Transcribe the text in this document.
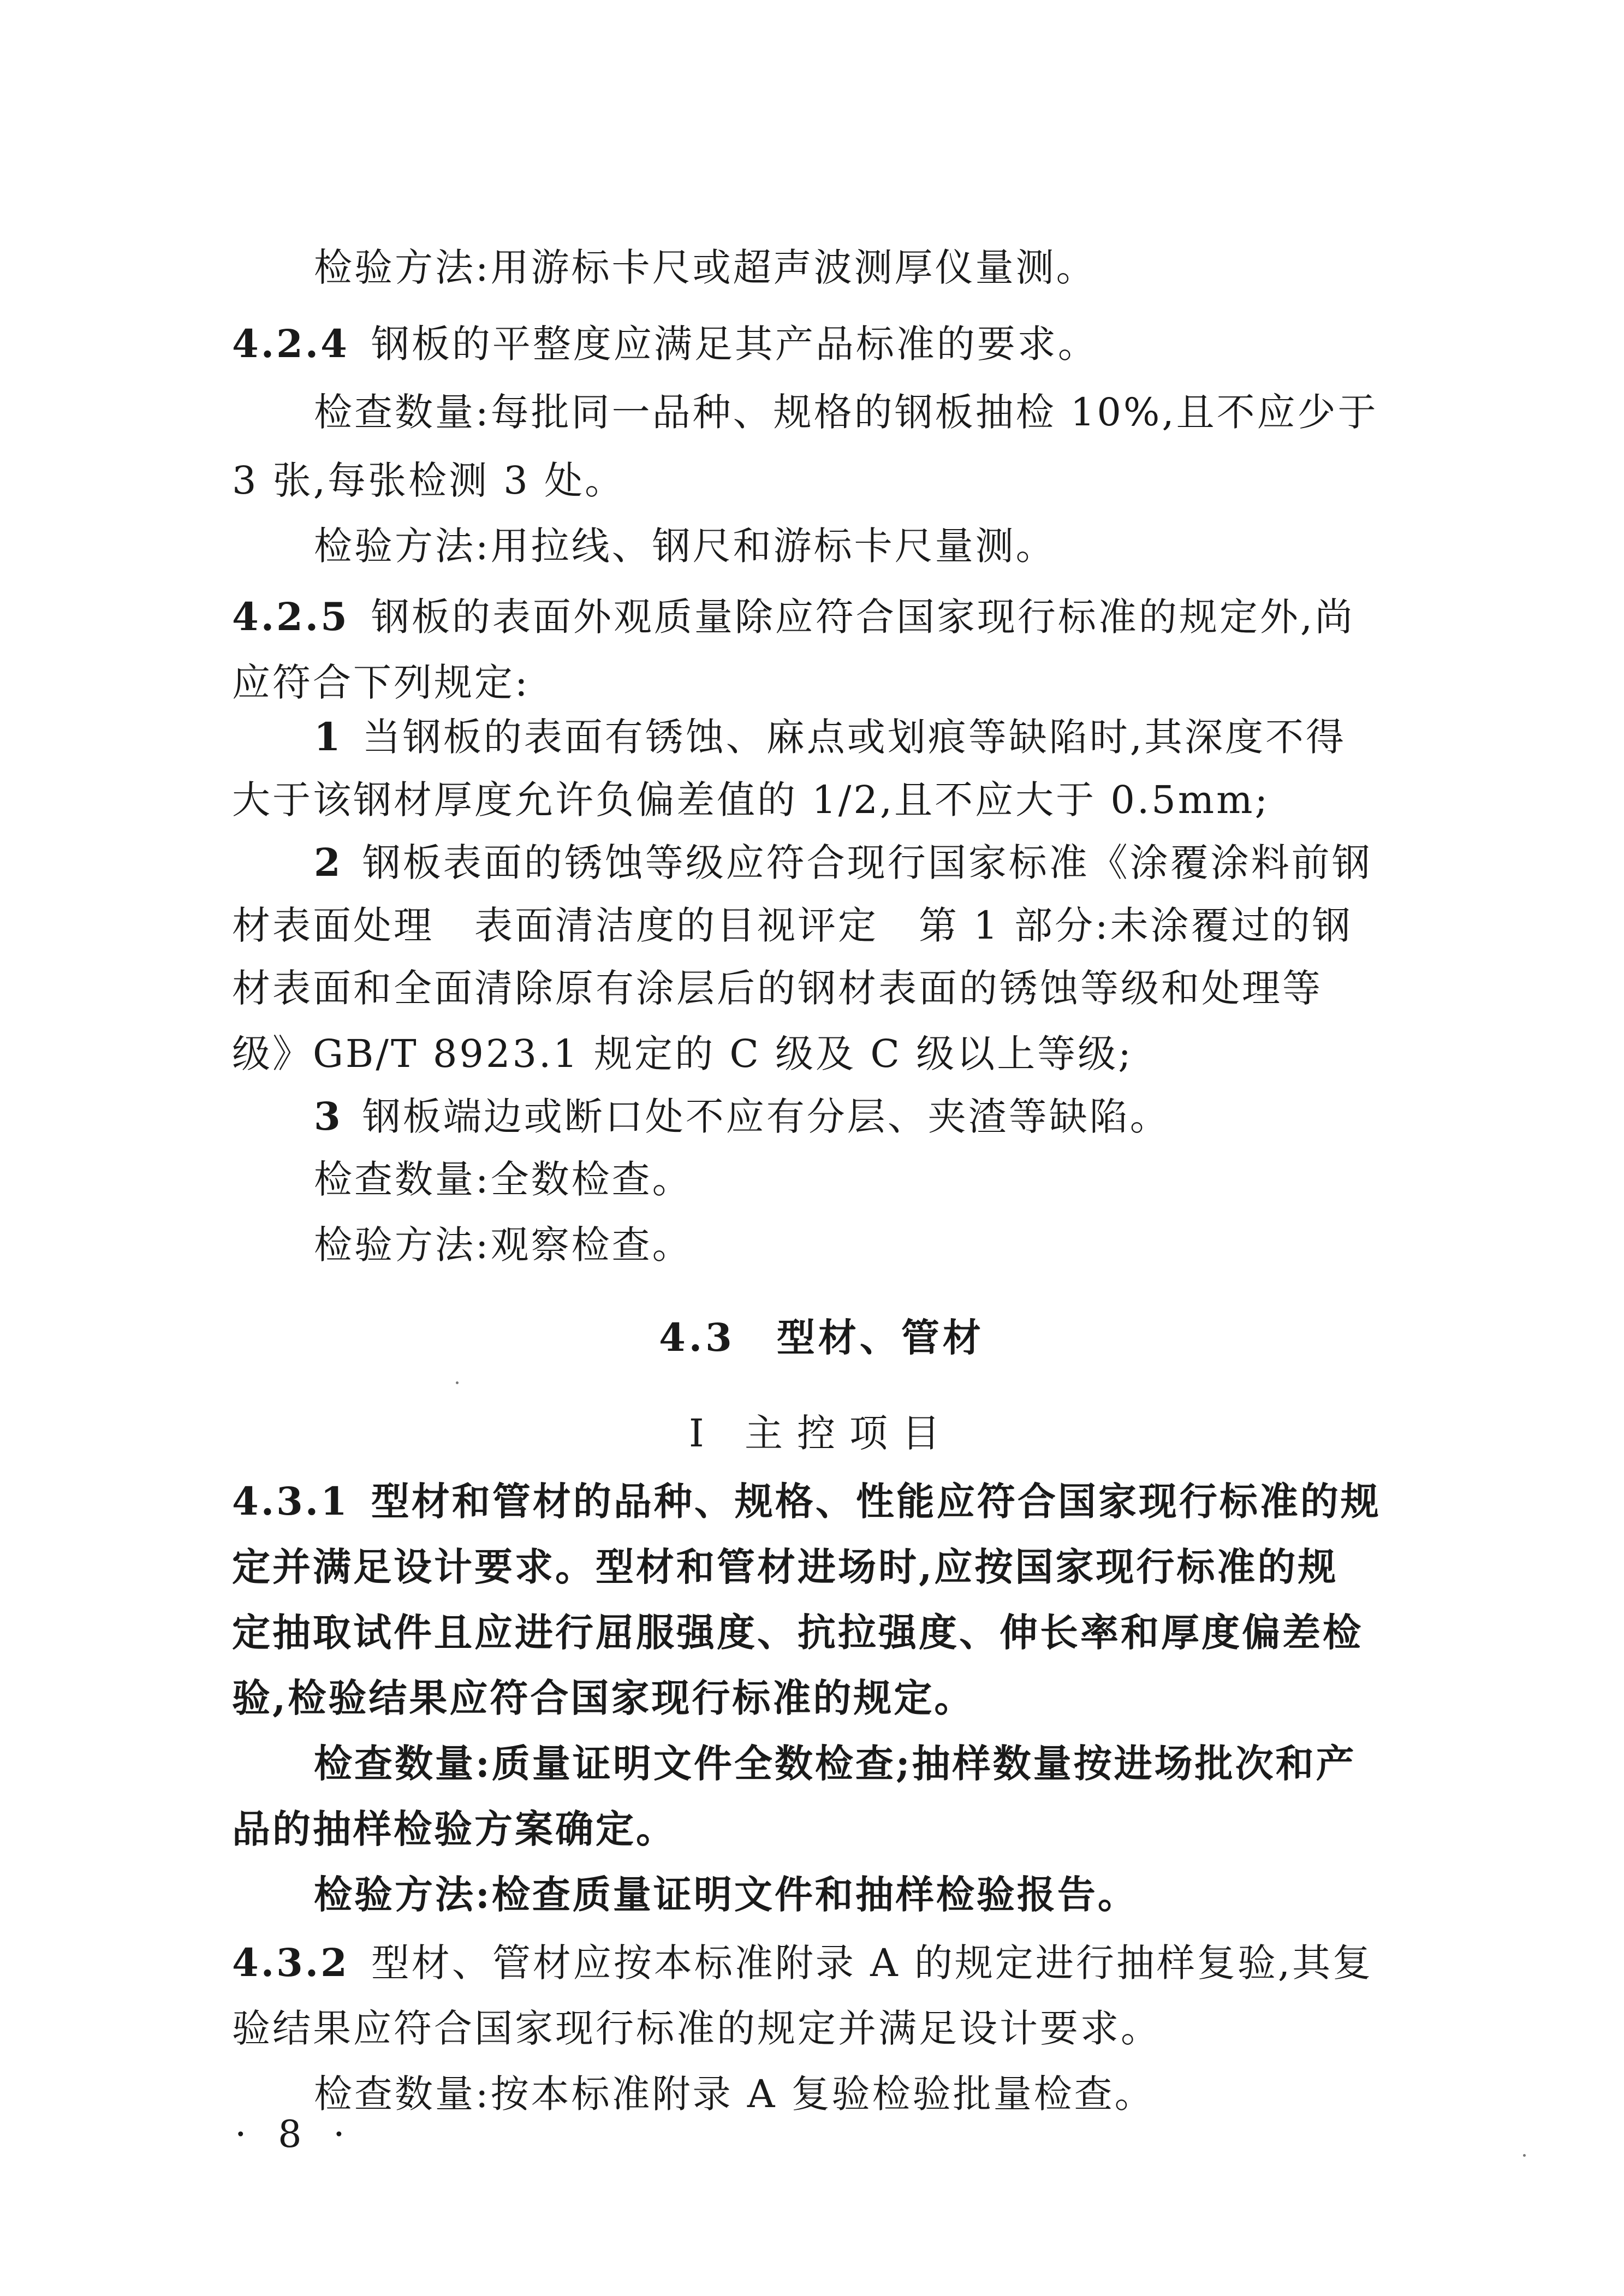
检验方法:用游标卡尺或超声波测厚仪量测。
4.2.4 钢板的平整度应满足其产品标准的要求。
检查数量:每批同一品种、规格的钢板抽检 10%,且不应少于
3 张,每张检测 3 处。
检验方法:用拉线、钢尺和游标卡尺量测。
4.2.5 钢板的表面外观质量除应符合国家现行标准的规定外,尚
应符合下列规定:
1 当钢板的表面有锈蚀、麻点或划痕等缺陷时,其深度不得
大于该钢材厚度允许负偏差值的 1/2,且不应大于 0.5mm;
2 钢板表面的锈蚀等级应符合现行国家标准《涂覆涂料前钢
材表面处理　表面清洁度的目视评定　第 1 部分:未涂覆过的钢
材表面和全面清除原有涂层后的钢材表面的锈蚀等级和处理等
级》GB/T 8923.1 规定的 C 级及 C 级以上等级;
3 钢板端边或断口处不应有分层、夹渣等缺陷。
检查数量:全数检查。
检验方法:观察检查。
4.3　型材、管材
Ⅰ 主控项目
4.3.1 型材和管材的品种、规格、性能应符合国家现行标准的规
定并满足设计要求。型材和管材进场时,应按国家现行标准的规
定抽取试件且应进行屈服强度、抗拉强度、伸长率和厚度偏差检
验,检验结果应符合国家现行标准的规定。
检查数量:质量证明文件全数检查;抽样数量按进场批次和产
品的抽样检验方案确定。
检验方法:检查质量证明文件和抽样检验报告。
4.3.2 型材、管材应按本标准附录 A 的规定进行抽样复验,其复
验结果应符合国家现行标准的规定并满足设计要求。
检查数量:按本标准附录 A 复验检验批量检查。
· 8 ·
